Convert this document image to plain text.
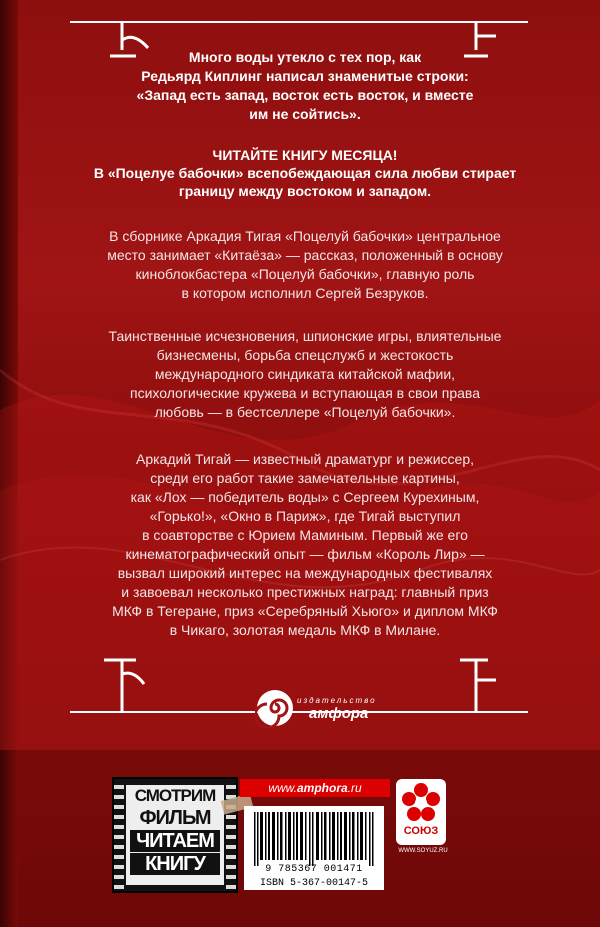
Много воды утекло с тех пор, как
Редьярд Киплинг написал знаменитые строки:
«Запад есть запад, восток есть восток, и вместе
им не сойтись».
ЧИТАЙТЕ КНИГУ МЕСЯЦА!
В «Поцелуе бабочки» всепобеждающая сила любви стирает
границу между востоком и западом.
В сборнике Аркадия Тигая «Поцелуй бабочки» центральное
место занимает «Китаёза» — рассказ, положенный в основу
киноблокбастера «Поцелуй бабочки», главную роль
в котором исполнил Сергей Безруков.
Таинственные исчезновения, шпионские игры, влиятельные
бизнесмены, борьба спецслужб и жестокость
международного синдиката китайской мафии,
психологические кружева и вступающая в свои права
любовь — в бестселлере «Поцелуй бабочки».
Аркадий Тигай — известный драматург и режиссер,
среди его работ такие замечательные картины,
как «Лох — победитель воды» с Сергеем Курехиным,
«Горько!», «Окно в Париж», где Тигай выступил
в соавторстве с Юрием Маминым. Первый же его
кинематографический опыт — фильм «Король Лир» —
вызвал широкий интерес на международных фестивалях
и завоевал несколько престижных наград: главный приз
МКФ в Тегеране, приз «Серебряный Хьюго» и диплом МКФ
в Чикаго, золотая медаль МКФ в Милане.
издательство
амфора
СМОТРИМ
ФИЛЬМ
ЧИТАЕМ
КНИГУ
www.amphora.ru
9 785367 001471
ISBN 5-367-00147-5
СОЮЗ
WWW.SOYUZ.RU
